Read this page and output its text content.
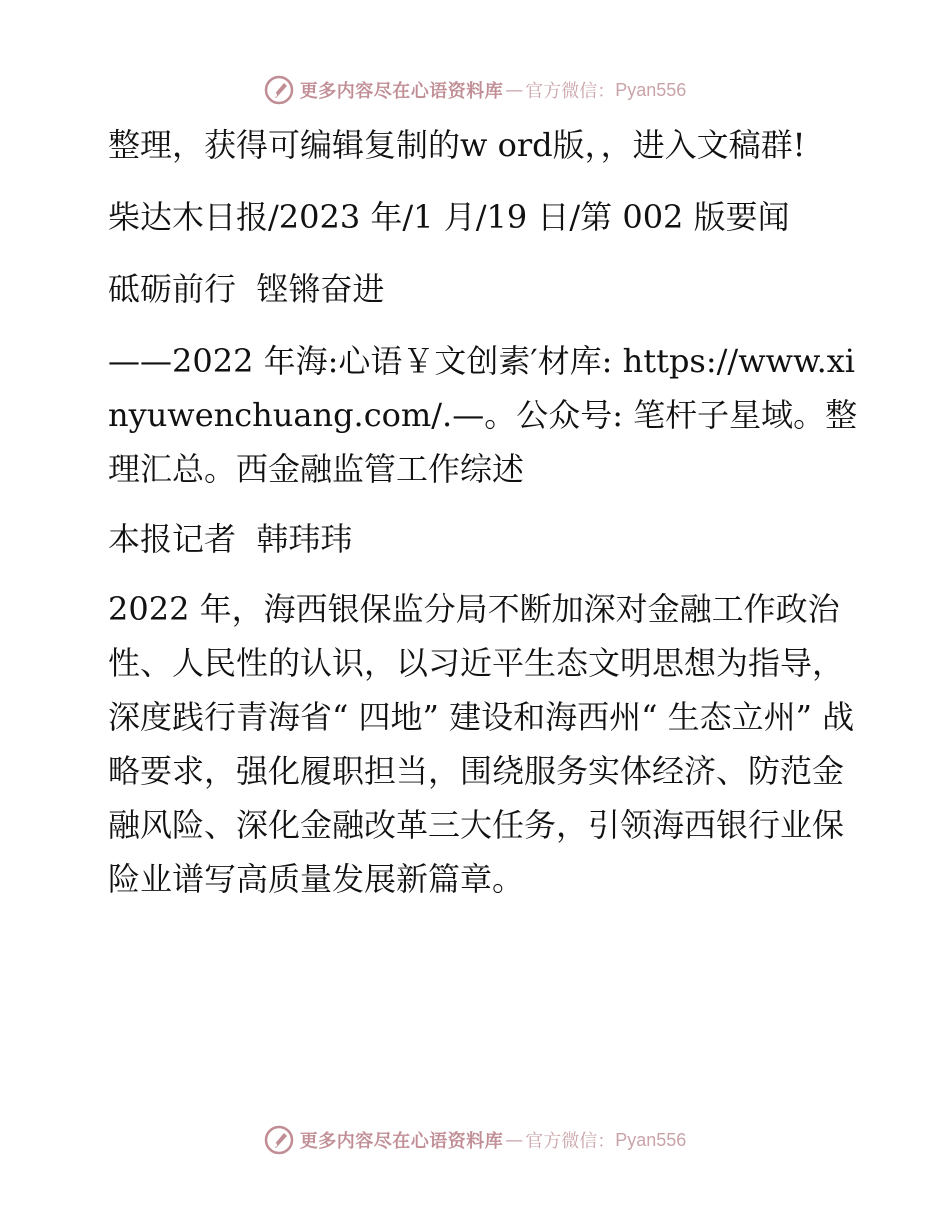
更多内容尽在心语资料库 — 官方微信： Pyan556

整理，获得可编辑复制的w ord版，，进入文稿群!

柴达木日报/2023 年/1 月/19 日/第 002 版要闻

砥砺前行  铿锵奋进

——2022 年海:心语￥文创素′材库: https://www.xinyuwenchuang.com/.—。公众号: 笔杆子星域。整理汇总。西金融监管工作综述

本报记者  韩玮玮

2022 年，海西银保监分局不断加深对金融工作政治性、人民性的认识，以习近平生态文明思想为指导，深度践行青海省“ 四地” 建设和海西州“ 生态立州” 战略要求，强化履职担当，围绕服务实体经济、防范金融风险、深化金融改革三大任务，引领海西银行业保险业谱写高质量发展新篇章。

更多内容尽在心语资料库 — 官方微信： Pyan556
